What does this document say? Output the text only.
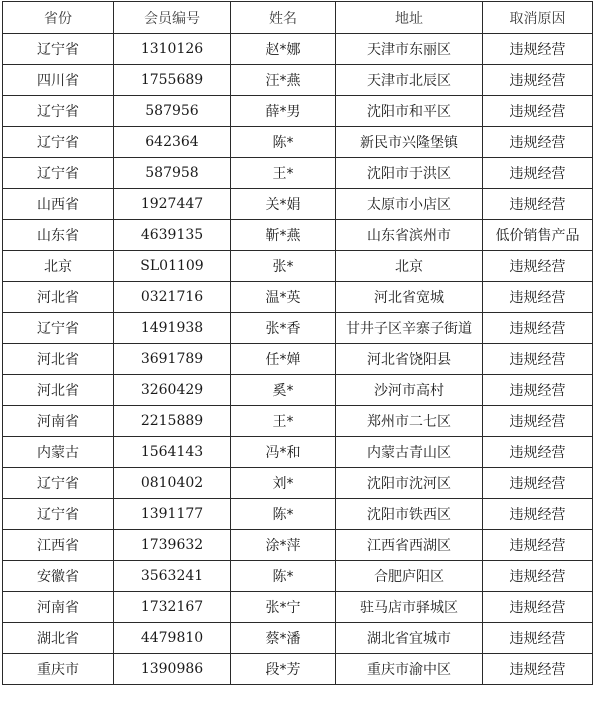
省份	会员编号	姓名	地址	取消原因
辽宁省	1310126	赵*娜	天津市东丽区	违规经营
四川省	1755689	汪*燕	天津市北辰区	违规经营
辽宁省	587956	薛*男	沈阳市和平区	违规经营
辽宁省	642364	陈*	新民市兴隆堡镇	违规经营
辽宁省	587958	王*	沈阳市于洪区	违规经营
山西省	1927447	关*娟	太原市小店区	违规经营
山东省	4639135	靳*燕	山东省滨州市	低价销售产品
北京	SL01109	张*	北京	违规经营
河北省	0321716	温*英	河北省宽城	违规经营
辽宁省	1491938	张*香	甘井子区辛寨子街道	违规经营
河北省	3691789	任*婵	河北省饶阳县	违规经营
河北省	3260429	奚*	沙河市高村	违规经营
河南省	2215889	王*	郑州市二七区	违规经营
内蒙古	1564143	冯*和	内蒙古青山区	违规经营
辽宁省	0810402	刘*	沈阳市沈河区	违规经营
辽宁省	1391177	陈*	沈阳市铁西区	违规经营
江西省	1739632	涂*萍	江西省西湖区	违规经营
安徽省	3563241	陈*	合肥庐阳区	违规经营
河南省	1732167	张*宁	驻马店市驿城区	违规经营
湖北省	4479810	蔡*潘	湖北省宜城市	违规经营
重庆市	1390986	段*芳	重庆市渝中区	违规经营
